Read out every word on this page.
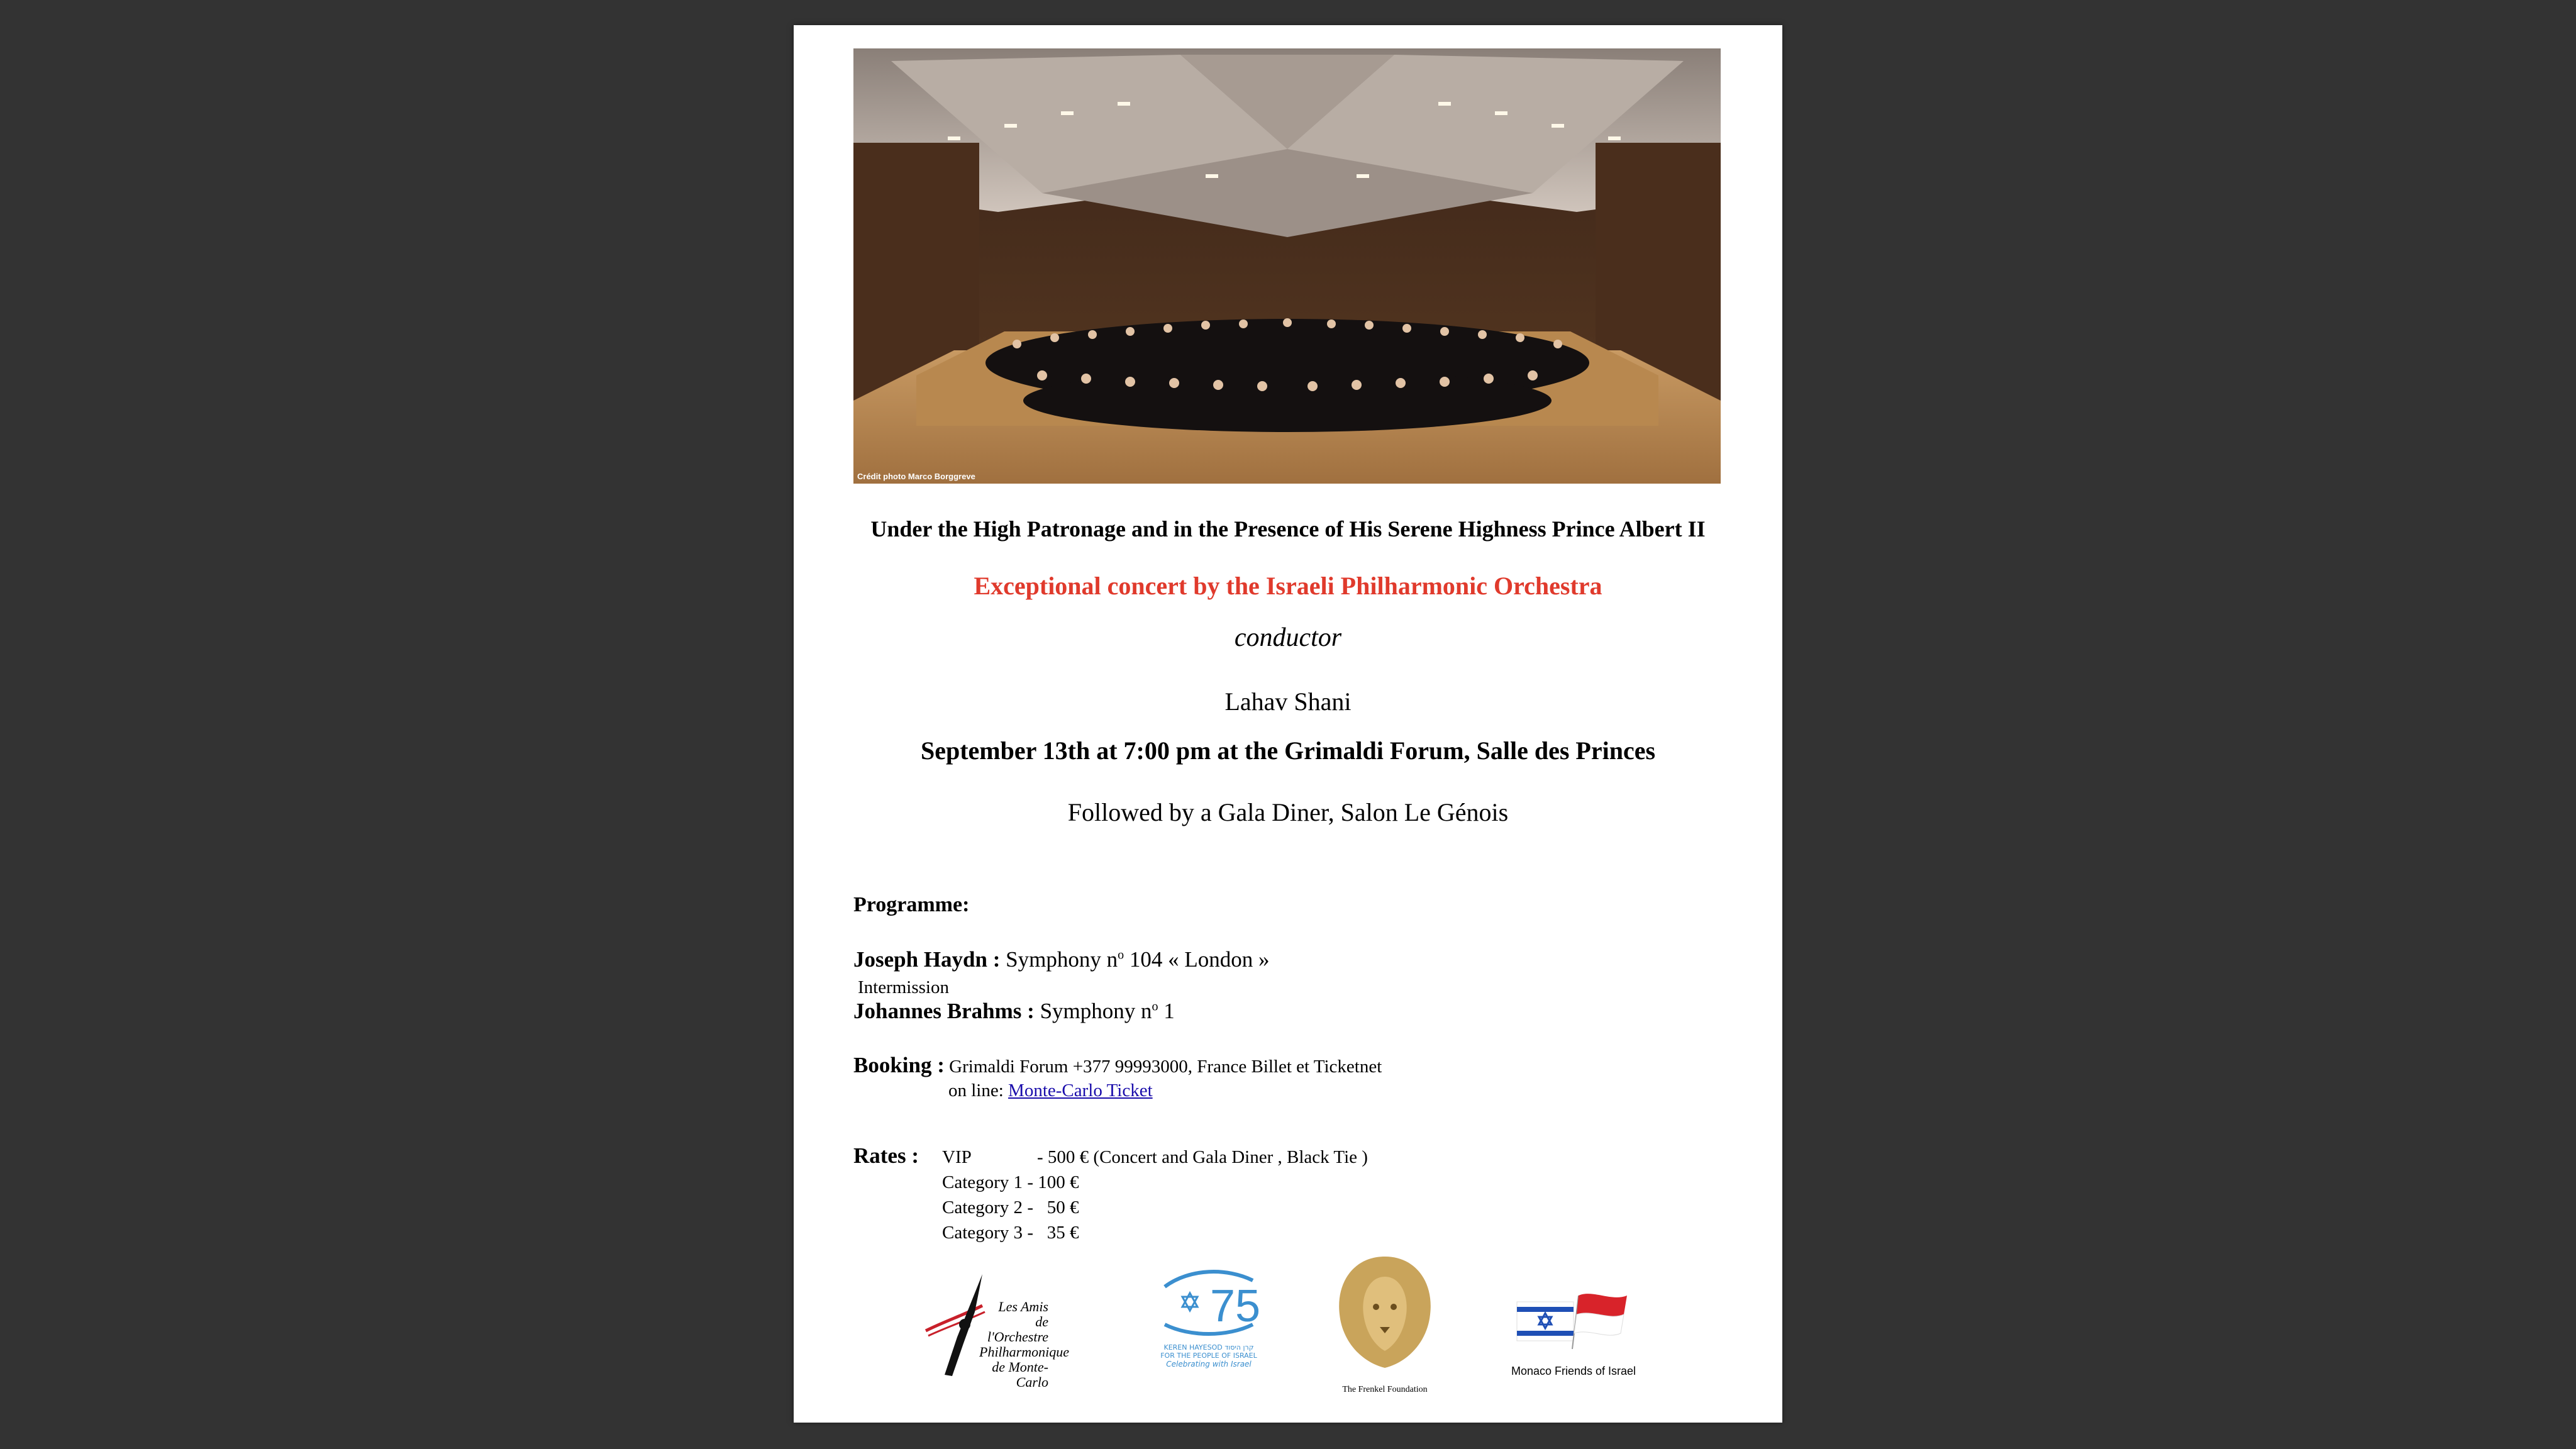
Crédit photo Marco Borggreve
Under the High Patronage and in the Presence of His Serene Highness Prince Albert II
Exceptional concert by the Israeli Philharmonic Orchestra
conductor
Lahav Shani
September 13th at 7:00 pm at the Grimaldi Forum, Salle des Princes
Followed by a Gala Diner, Salon Le Génois
Programme:
Joseph Haydn : Symphony $n^o$ 104 « London »
Intermission
Johannes Brahms : Symphony $n^o$ 1
Booking : Grimaldi Forum +377 99993000, France Billet et Ticketnet
on line: Monte-Carlo Ticket
Rates : VIP	- 500 € (Concert and Gala Diner , Black Tie )
Category 1 - 100 €
Category 2 -   50 €
Category 3 -   35 €
Les Amis
de l'Orchestre
Philharmonique
de Monte-Carlo
75
KEREN HAYESOD קרן היסוד
FOR THE PEOPLE OF ISRAEL
Celebrating with Israel
The Frenkel Foundation
Monaco Friends of Israel
